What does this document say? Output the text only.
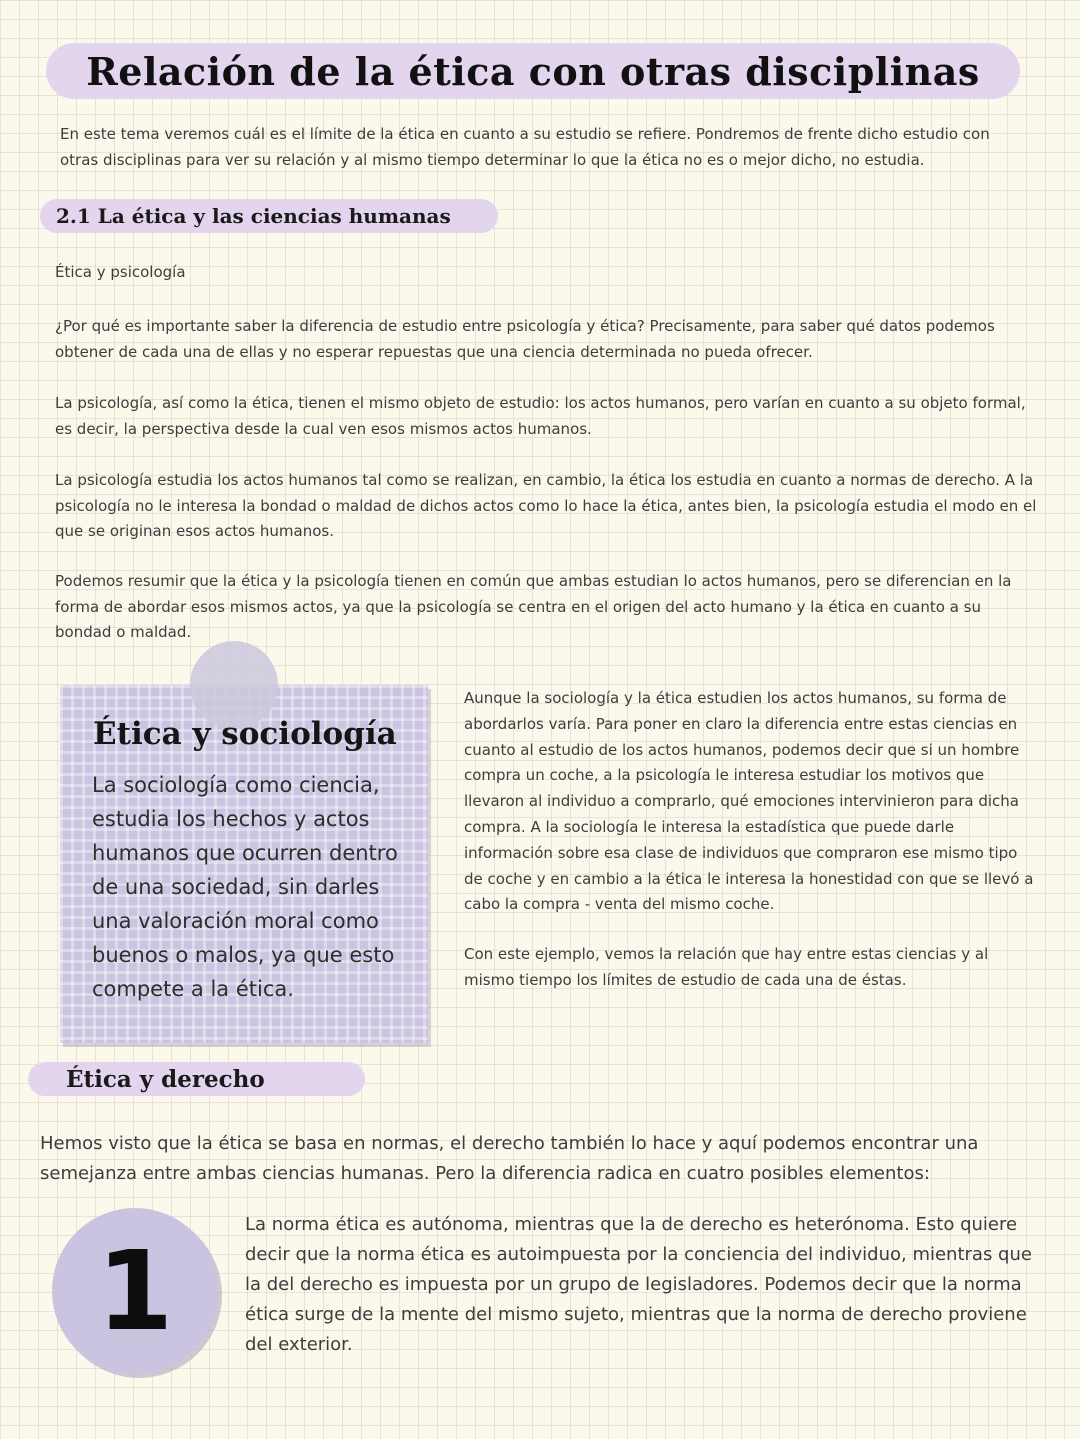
Relación de la ética con otras disciplinas

En este tema veremos cuál es el límite de la ética en cuanto a su estudio se refiere. Pondremos de frente dicho estudio con otras disciplinas para ver su relación y al mismo tiempo determinar lo que la ética no es o mejor dicho, no estudia.

2.1 La ética y las ciencias humanas

Ética y psicología

¿Por qué es importante saber la diferencia de estudio entre psicología y ética? Precisamente, para saber qué datos podemos obtener de cada una de ellas y no esperar repuestas que una ciencia determinada no pueda ofrecer.

La psicología, así como la ética, tienen el mismo objeto de estudio: los actos humanos, pero varían en cuanto a su objeto formal, es decir, la perspectiva desde la cual ven esos mismos actos humanos.

La psicología estudia los actos humanos tal como se realizan, en cambio, la ética los estudia en cuanto a normas de derecho. A la psicología no le interesa la bondad o maldad de dichos actos como lo hace la ética, antes bien, la psicología estudia el modo en el que se originan esos actos humanos.

Podemos resumir que la ética y la psicología tienen en común que ambas estudian lo actos humanos, pero se diferencian en la forma de abordar esos mismos actos, ya que la psicología se centra en el origen del acto humano y la ética en cuanto a su bondad o maldad.

Ética y sociología

La sociología como ciencia, estudia los hechos y actos humanos que ocurren dentro de una sociedad, sin darles una valoración moral como buenos o malos, ya que esto compete a la ética.

Aunque la sociología y la ética estudien los actos humanos, su forma de abordarlos varía. Para poner en claro la diferencia entre estas ciencias en cuanto al estudio de los actos humanos, podemos decir que si un hombre compra un coche, a la psicología le interesa estudiar los motivos que llevaron al individuo a comprarlo, qué emociones intervinieron para dicha compra. A la sociología le interesa la estadística que puede darle información sobre esa clase de individuos que compraron ese mismo tipo de coche y en cambio a la ética le interesa la honestidad con que se llevó a cabo la compra - venta del mismo coche.

Con este ejemplo, vemos la relación que hay entre estas ciencias y al mismo tiempo los límites de estudio de cada una de éstas.

Ética y derecho

Hemos visto que la ética se basa en normas, el derecho también lo hace y aquí podemos encontrar una semejanza entre ambas ciencias humanas. Pero la diferencia radica en cuatro posibles elementos:

1

La norma ética es autónoma, mientras que la de derecho es heterónoma. Esto quiere decir que la norma ética es autoimpuesta por la conciencia del individuo, mientras que la del derecho es impuesta por un grupo de legisladores. Podemos decir que la norma ética surge de la mente del mismo sujeto, mientras que la norma de derecho proviene del exterior.
